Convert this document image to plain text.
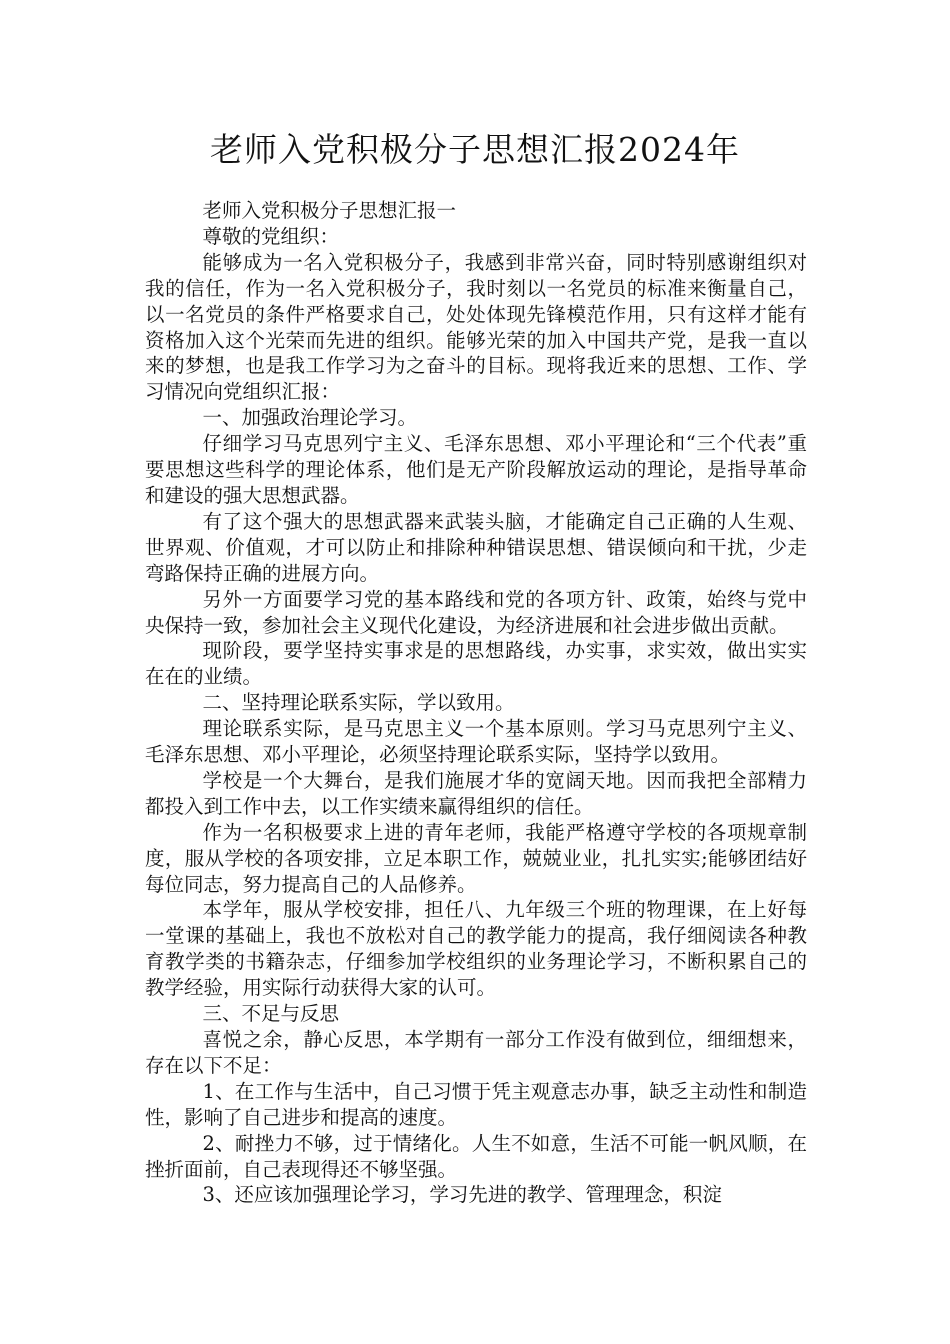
老师入党积极分子思想汇报2024年

老师入党积极分子思想汇报一

尊敬的党组织：

能够成为一名入党积极分子，我感到非常兴奋，同时特别感谢组织对我的信任，作为一名入党积极分子，我时刻以一名党员的标准来衡量自己，以一名党员的条件严格要求自己，处处体现先锋模范作用，只有这样才能有资格加入这个光荣而先进的组织。能够光荣的加入中国共产党，是我一直以来的梦想，也是我工作学习为之奋斗的目标。现将我近来的思想、工作、学习情况向党组织汇报：

一、加强政治理论学习。

仔细学习马克思列宁主义、毛泽东思想、邓小平理论和“三个代表”重要思想这些科学的理论体系，他们是无产阶段解放运动的理论，是指导革命和建设的强大思想武器。

有了这个强大的思想武器来武装头脑，才能确定自己正确的人生观、世界观、价值观，才可以防止和排除种种错误思想、错误倾向和干扰，少走弯路保持正确的进展方向。

另外一方面要学习党的基本路线和党的各项方针、政策，始终与党中央保持一致，参加社会主义现代化建设，为经济进展和社会进步做出贡献。

现阶段，要学坚持实事求是的思想路线，办实事，求实效，做出实实在在的业绩。

二、坚持理论联系实际，学以致用。

理论联系实际，是马克思主义一个基本原则。学习马克思列宁主义、毛泽东思想、邓小平理论，必须坚持理论联系实际，坚持学以致用。

学校是一个大舞台，是我们施展才华的宽阔天地。因而我把全部精力都投入到工作中去，以工作实绩来赢得组织的信任。

作为一名积极要求上进的青年老师，我能严格遵守学校的各项规章制度，服从学校的各项安排，立足本职工作，兢兢业业，扎扎实实;能够团结好每位同志，努力提高自己的人品修养。

本学年，服从学校安排，担任八、九年级三个班的物理课，在上好每一堂课的基础上，我也不放松对自己的教学能力的提高，我仔细阅读各种教育教学类的书籍杂志，仔细参加学校组织的业务理论学习，不断积累自己的教学经验，用实际行动获得大家的认可。

三、不足与反思

喜悦之余，静心反思，本学期有一部分工作没有做到位，细细想来，存在以下不足：

1、在工作与生活中，自己习惯于凭主观意志办事，缺乏主动性和制造性，影响了自己进步和提高的速度。

2、耐挫力不够，过于情绪化。人生不如意，生活不可能一帆风顺，在挫折面前，自己表现得还不够坚强。

3、还应该加强理论学习，学习先进的教学、管理理念，积淀
